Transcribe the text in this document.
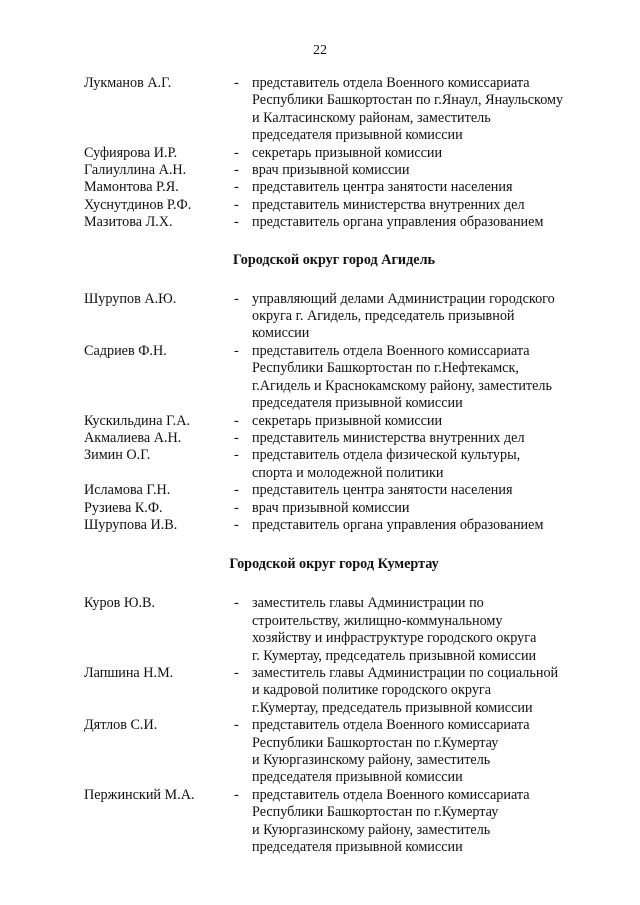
22
Лукманов А.Г.	- представитель отдела Военного комиссариата
Республики Башкортостан по г.Янаул, Янаульскому
и Калтасинскому районам, заместитель
председателя призывной комиссии
Суфиярова И.Р.	- секретарь призывной комиссии
Галиуллина А.Н.	- врач призывной комиссии
Мамонтова Р.Я.	- представитель центра занятости населения
Хуснутдинов Р.Ф.	- представитель министерства внутренних дел
Мазитова Л.Х.	- представитель органа управления образованием
Городской округ город Агидель
Шурупов А.Ю.	- управляющий делами Администрации городского
округа г. Агидель, председатель призывной
комиссии
Садриев Ф.Н.	- представитель отдела Военного комиссариата
Республики Башкортостан по г.Нефтекамск,
г.Агидель и Краснокамскому району, заместитель
председателя призывной комиссии
Кускильдина Г.А.	- секретарь призывной комиссии
Акмалиева А.Н.	- представитель министерства внутренних дел
Зимин О.Г.	- представитель отдела физической культуры,
спорта и молодежной политики
Исламова Г.Н.	- представитель центра занятости населения
Рузиева К.Ф.	- врач призывной комиссии
Шурупова И.В.	- представитель органа управления образованием
Городской округ город Кумертау
Куров Ю.В.	- заместитель главы Администрации по
строительству, жилищно-коммунальному
хозяйству и инфраструктуре городского округа
г. Кумертау, председатель призывной комиссии
Лапшина Н.М.	- заместитель главы Администрации по социальной
и кадровой политике городского округа
г.Кумертау, председатель призывной комиссии
Дятлов С.И.	- представитель отдела Военного комиссариата
Республики Башкортостан по г.Кумертау
и Куюргазинскому району, заместитель
председателя призывной комиссии
Пержинский М.А.	- представитель отдела Военного комиссариата
Республики Башкортостан по г.Кумертау
и Куюргазинскому району, заместитель
председателя призывной комиссии
